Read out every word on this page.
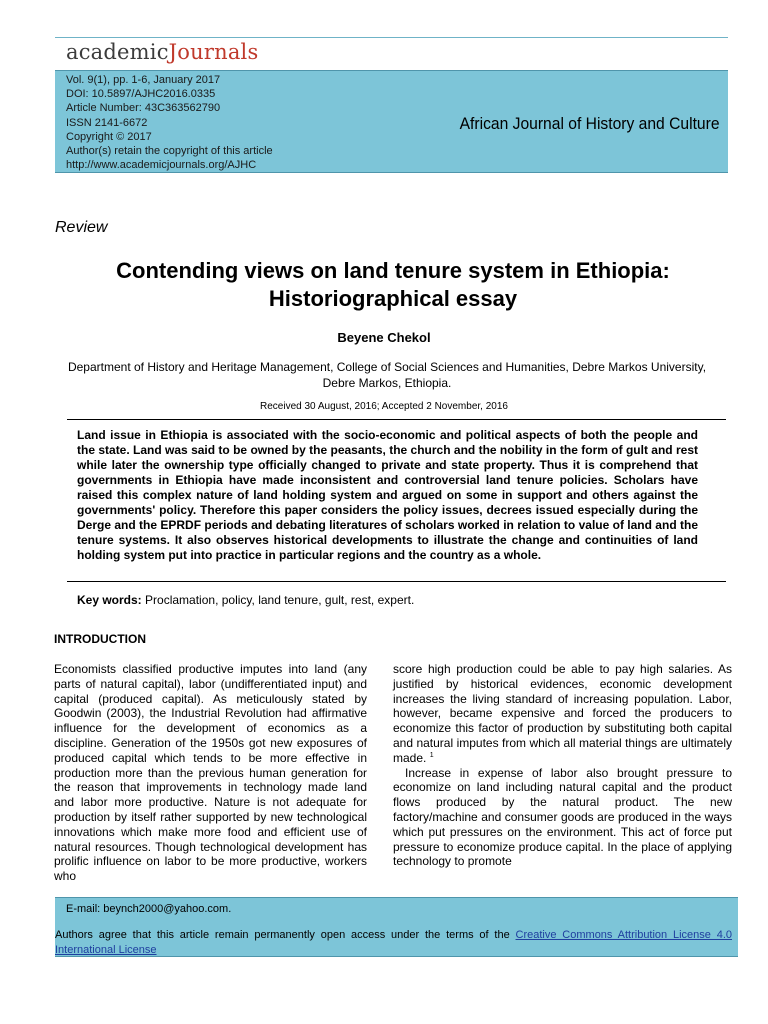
academicJournals
Vol. 9(1), pp. 1-6, January 2017
DOI: 10.5897/AJHC2016.0335
Article Number: 43C363562790
ISSN 2141-6672
Copyright © 2017
Author(s) retain the copyright of this article
http://www.academicjournals.org/AJHC
African Journal of History and Culture
Review
Contending views on land tenure system in Ethiopia:
Historiographical essay
Beyene Chekol
Department of History and Heritage Management, College of Social Sciences and Humanities, Debre Markos University, Debre Markos, Ethiopia.
Received 30 August, 2016; Accepted 2 November, 2016
Land issue in Ethiopia is associated with the socio-economic and political aspects of both the people and the state. Land was said to be owned by the peasants, the church and the nobility in the form of gult and rest while later the ownership type officially changed to private and state property. Thus it is comprehend that governments in Ethiopia have made inconsistent and controversial land tenure policies. Scholars have raised this complex nature of land holding system and argued on some in support and others against the governments' policy. Therefore this paper considers the policy issues, decrees issued especially during the Derge and the EPRDF periods and debating literatures of scholars worked in relation to value of land and the tenure systems. It also observes historical developments to illustrate the change and continuities of land holding system put into practice in particular regions and the country as a whole.
Key words: Proclamation, policy, land tenure, gult, rest, expert.
INTRODUCTION

Economists classified productive imputes into land (any parts of natural capital), labor (undifferentiated input) and capital (produced capital). As meticulously stated by Goodwin (2003), the Industrial Revolution had affirmative influence for the development of economics as a discipline. Generation of the 1950s got new exposures of produced capital which tends to be more effective in production more than the previous human generation for the reason that improvements in technology made land and labor more productive. Nature is not adequate for production by itself rather supported by new technological innovations which make more food and efficient use of natural resources. Though technological development has prolific influence on labor to be more productive, workers who

score high production could be able to pay high salaries. As justified by historical evidences, economic development increases the living standard of increasing population. Labor, however, became expensive and forced the producers to economize this factor of production by substituting both capital and natural imputes from which all material things are ultimately made. $^1$

Increase in expense of labor also brought pressure to economize on land including natural capital and the product flows produced by the natural product. The new factory/machine and consumer goods are produced in the ways which put pressures on the environment. This act of force put pressure to economize produce capital. In the place of applying technology to promote

E-mail: beynch2000@yahoo.com.
Authors agree that this article remain permanently open access under the terms of the Creative Commons Attribution License 4.0 International License
